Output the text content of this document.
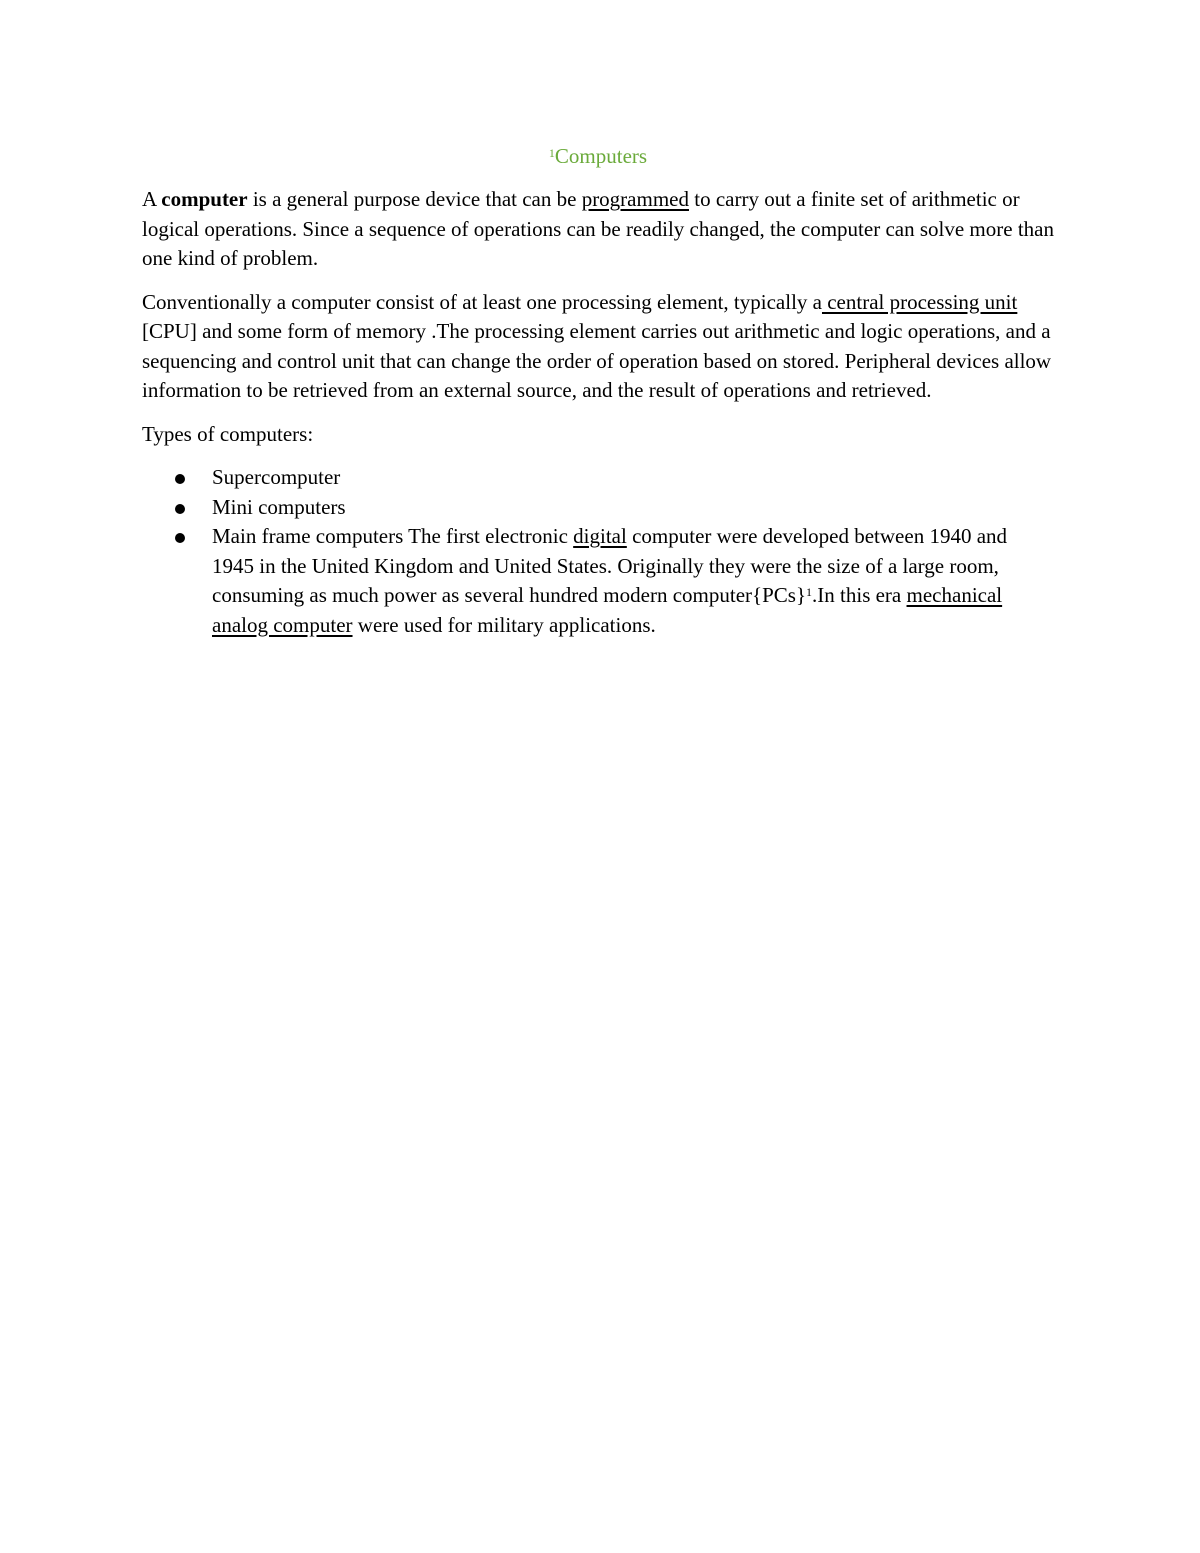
$^1$Computers

A computer is a general purpose device that can be programmed to carry out a finite set of arithmetic or logical operations. Since a sequence of operations can be readily changed, the computer can solve more than one kind of problem.

Conventionally a computer consist of at least one processing element, typically a central processing unit [CPU] and some form of memory .The processing element carries out arithmetic and logic operations, and a sequencing and control unit that can change the order of operation based on stored. Peripheral devices allow information to be retrieved from an external source, and the result of operations and retrieved.

Types of computers:

Supercomputer
Mini computers
Main frame computers The first electronic digital computer were developed between 1940 and 1945 in the United Kingdom and United States. Originally they were the size of a large room, consuming as much power as several hundred modern computer{PCs}$^1$.In this era mechanical analog computer were used for military applications.
